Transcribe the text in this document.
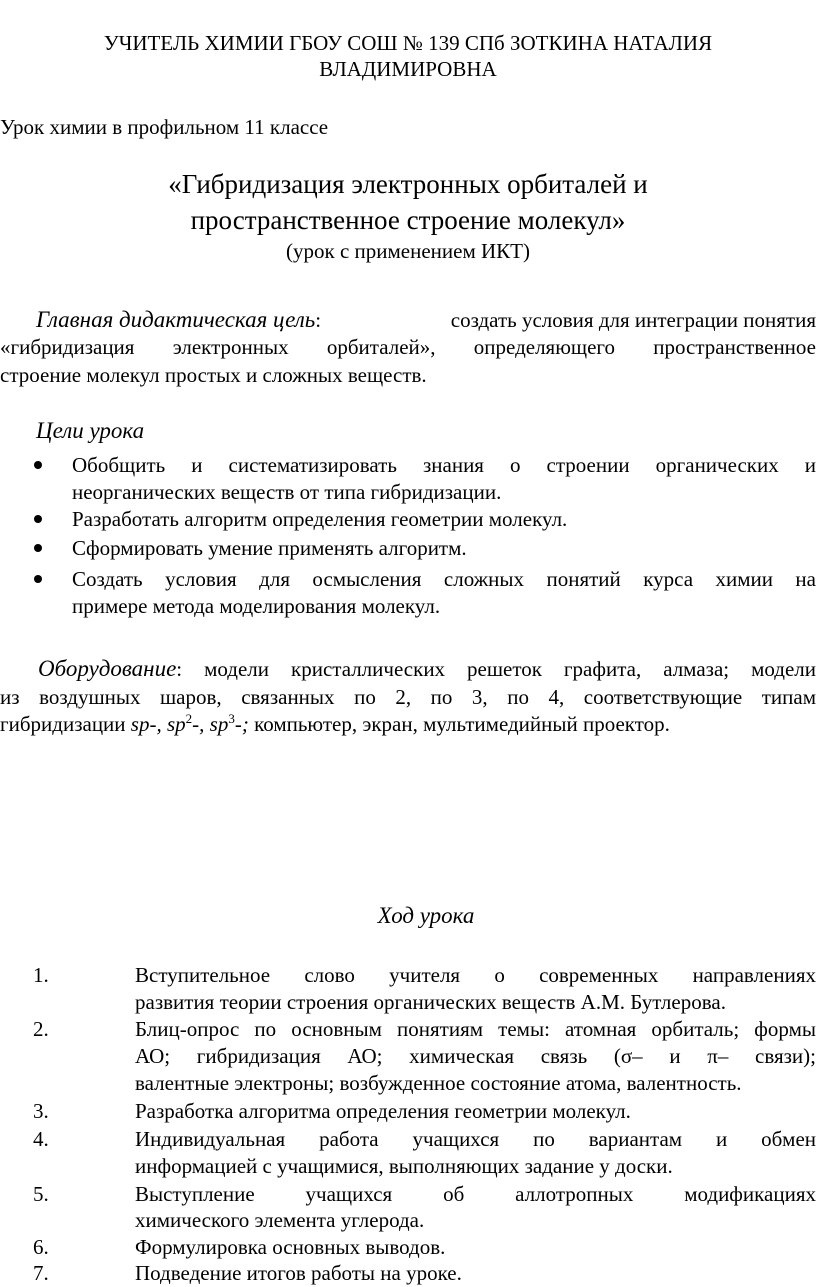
УЧИТЕЛЬ ХИМИИ ГБОУ СОШ № 139 СПб ЗОТКИНА НАТАЛИЯ
ВЛАДИМИРОВНА
Урок химии в профильном 11 классе
«Гибридизация электронных орбиталей и
пространственное строение молекул»
(урок с применением ИКТ)
Главная дидактическая цель:	создать условия для интеграции понятия
«гибридизация электронных орбиталей», определяющего пространственное
строение молекул простых и сложных веществ.
Цели урока
Обобщить и систематизировать знания о строении органических и
неорганических веществ от типа гибридизации.
Разработать алгоритм определения геометрии молекул.
Сформировать умение применять алгоритм.
Создать условия для осмысления сложных понятий курса химии на
примере метода моделирования молекул.
Оборудование : модели кристаллических решеток графита, алмаза; модели
из воздушных шаров, связанных по 2, по 3, по 4, соответствующие типам
гибридизации sp-, $sp^2-$, $sp^3-$; компьютер, экран, мультимедийный проектор.
Ход урока
1.	Вступительное слово учителя о современных направлениях
развития теории строения органических веществ А.М. Бутлерова.
2.	Блиц-опрос по основным понятиям темы: атомная орбиталь; формы
АО; гибридизация АО; химическая связь (σ– и π– связи);
валентные электроны; возбужденное состояние атома, валентность.
3.	Разработка алгоритма определения геометрии молекул.
4.	Индивидуальная работа учащихся по вариантам и обмен
информацией с учащимися, выполняющих задание у доски.
5.	Выступление учащихся об аллотропных модификациях
химического элемента углерода.
6.	Формулировка основных выводов.
7.	Подведение итогов работы на уроке.
